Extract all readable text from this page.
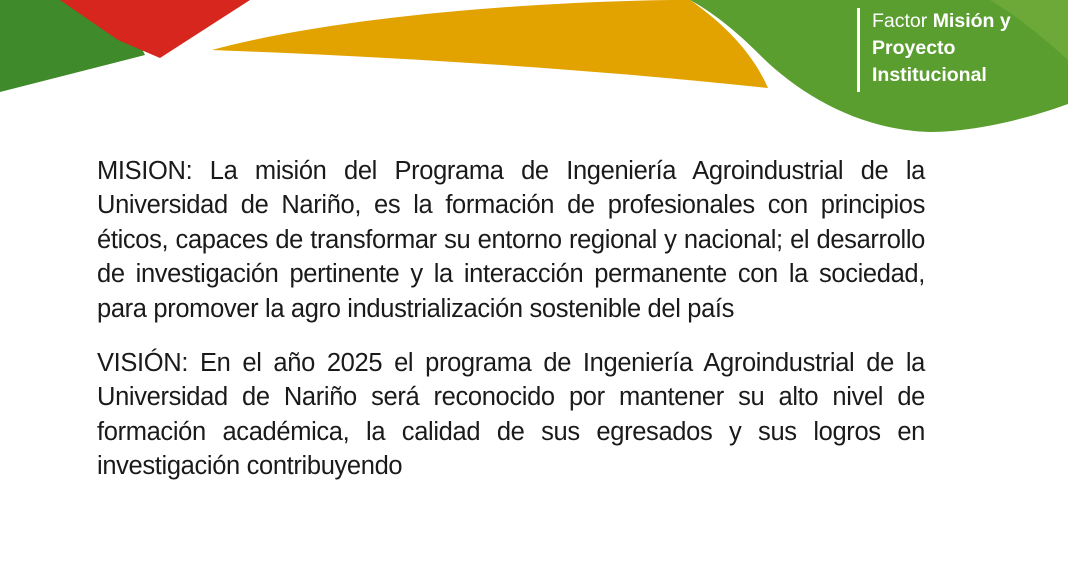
Factor Misión y
Proyecto
Institucional

MISION: La misión del Programa de Ingeniería Agroindustrial de la Universidad de Nariño, es la formación de profesionales con principios éticos, capaces de transformar su entorno regional y nacional; el desarrollo de investigación pertinente y la interacción permanente con la sociedad, para promover la agro industrialización sostenible del país

VISIÓN: En el año 2025 el programa de Ingeniería Agroindustrial de la Universidad de Nariño será reconocido por mantener su alto nivel de formación académica, la calidad de sus egresados y sus logros en investigación contribuyendo
